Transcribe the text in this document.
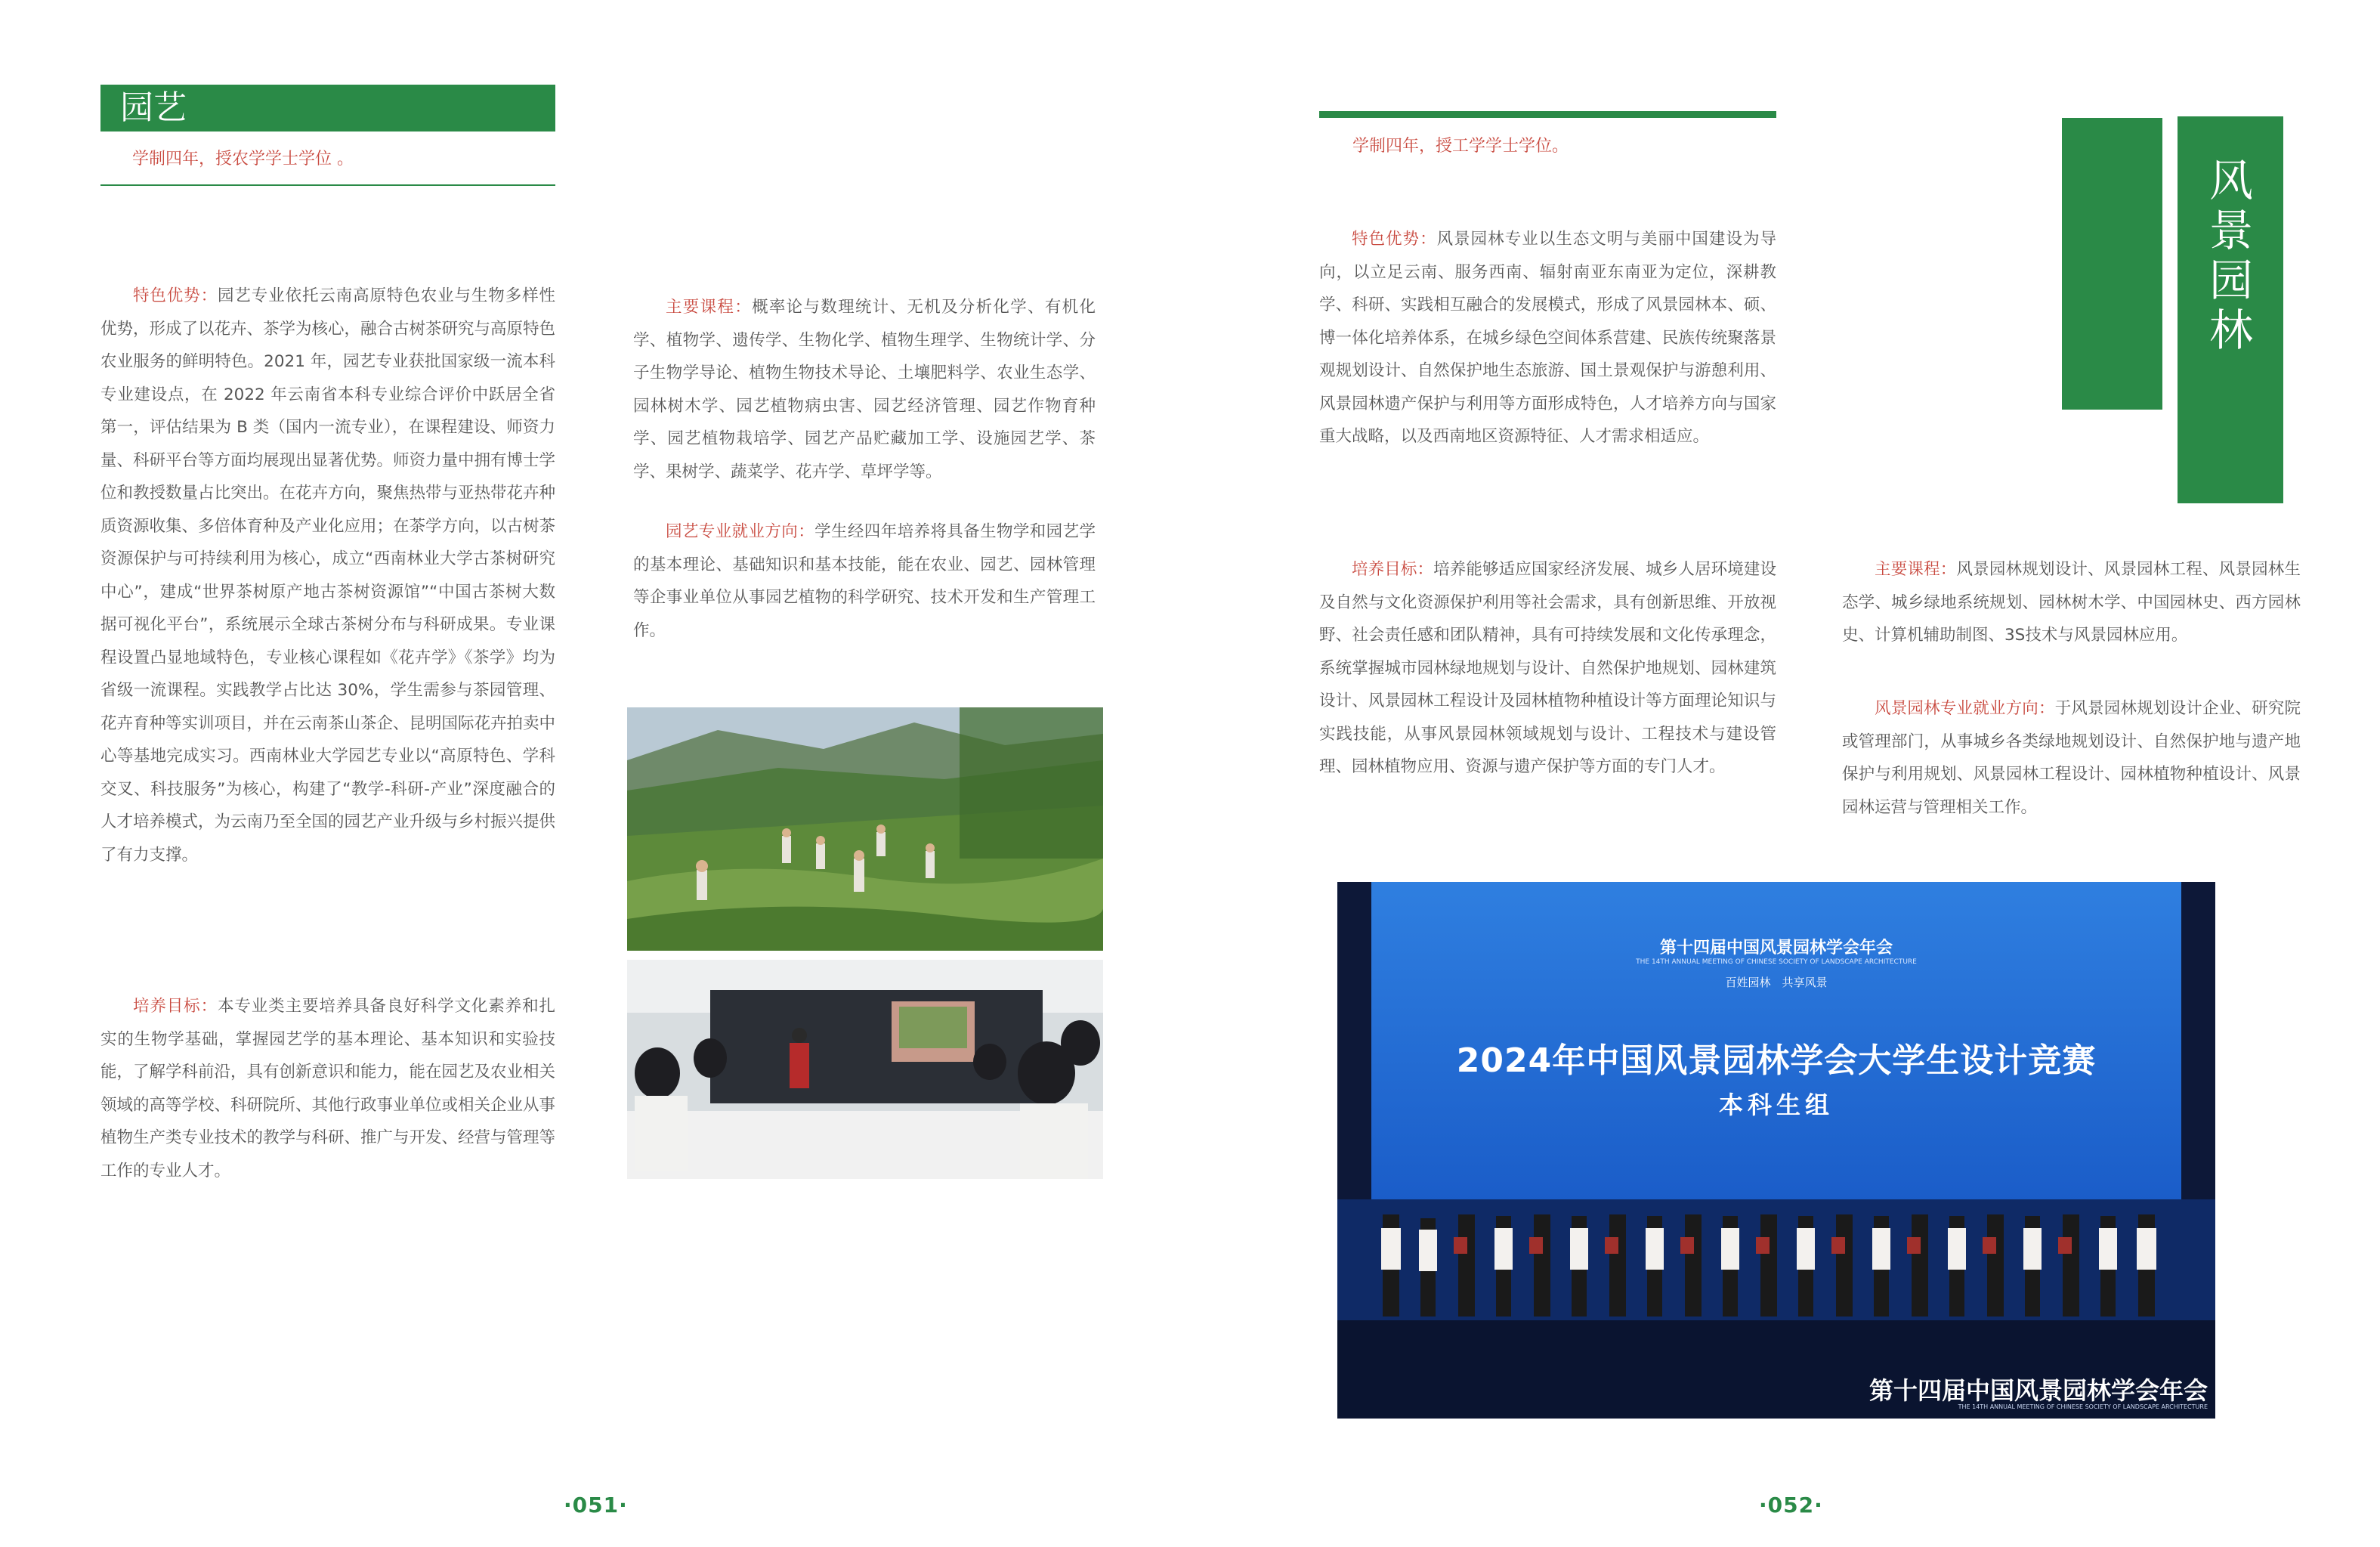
园艺
学制四年，授农学学士学位 。

特色优势：园艺专业依托云南高原特色农业与生物多样性优势，形成了以花卉、茶学为核心，融合古树茶研究与高原特色农业服务的鲜明特色。2021 年，园艺专业获批国家级一流本科专业建设点，在 2022 年云南省本科专业综合评价中跃居全省第一，评估结果为 B 类（国内一流专业），在课程建设、师资力量、科研平台等方面均展现出显著优势。师资力量中拥有博士学位和教授数量占比突出。在花卉方向，聚焦热带与亚热带花卉种质资源收集、多倍体育种及产业化应用；在茶学方向，以古树茶资源保护与可持续利用为核心，成立“西南林业大学古茶树研究中心”，建成“世界茶树原产地古茶树资源馆”“中国古茶树大数据可视化平台”，系统展示全球古茶树分布与科研成果。专业课程设置凸显地域特色，专业核心课程如《花卉学》《茶学》均为省级一流课程。实践教学占比达 30%，学生需参与茶园管理、花卉育种等实训项目，并在云南茶山茶企、昆明国际花卉拍卖中心等基地完成实习。西南林业大学园艺专业以“高原特色、学科交叉、科技服务”为核心，构建了“教学-科研-产业”深度融合的人才培养模式，为云南乃至全国的园艺产业升级与乡村振兴提供了有力支撑。

培养目标：本专业类主要培养具备良好科学文化素养和扎实的生物学基础，掌握园艺学的基本理论、基本知识和实验技能，了解学科前沿，具有创新意识和能力，能在园艺及农业相关领域的高等学校、科研院所、其他行政事业单位或相关企业从事植物生产类专业技术的教学与科研、推广与开发、经营与管理等工作的专业人才。

主要课程：概率论与数理统计、无机及分析化学、有机化学、植物学、遗传学、生物化学、植物生理学、生物统计学、分子生物学导论、植物生物技术导论、土壤肥料学、农业生态学、园林树木学、园艺植物病虫害、园艺经济管理、园艺作物育种学、园艺植物栽培学、园艺产品贮藏加工学、设施园艺学、茶学、果树学、蔬菜学、花卉学、草坪学等。

园艺专业就业方向：学生经四年培养将具备生物学和园艺学的基本理论、基础知识和基本技能，能在农业、园艺、园林管理等企事业单位从事园艺植物的科学研究、技术开发和生产管理工作。

·051·
学制四年，授工学学士学位。
风景园林

特色优势：风景园林专业以生态文明与美丽中国建设为导向，以立足云南、服务西南、辐射南亚东南亚为定位，深耕教学、科研、实践相互融合的发展模式，形成了风景园林本、硕、博一体化培养体系，在城乡绿色空间体系营建、民族传统聚落景观规划设计、自然保护地生态旅游、国土景观保护与游憩利用、风景园林遗产保护与利用等方面形成特色，人才培养方向与国家重大战略，以及西南地区资源特征、人才需求相适应。

培养目标：培养能够适应国家经济发展、城乡人居环境建设及自然与文化资源保护利用等社会需求，具有创新思维、开放视野、社会责任感和团队精神，具有可持续发展和文化传承理念，系统掌握城市园林绿地规划与设计、自然保护地规划、园林建筑设计、风景园林工程设计及园林植物种植设计等方面理论知识与实践技能，从事风景园林领域规划与设计、工程技术与建设管理、园林植物应用、资源与遗产保护等方面的专门人才。

主要课程：风景园林规划设计、风景园林工程、风景园林生态学、城乡绿地系统规划、园林树木学、中国园林史、西方园林史、计算机辅助制图、3S技术与风景园林应用。

风景园林专业就业方向：于风景园林规划设计企业、研究院或管理部门，从事城乡各类绿地规划设计、自然保护地与遗产地保护与利用规划、风景园林工程设计、园林植物种植设计、风景园林运营与管理相关工作。

第十四届中国风景园林学会年会
THE 14TH ANNUAL MEETING OF CHINESE SOCIETY OF LANDSCAPE ARCHITECTURE
百姓园林　共享风景
2024年中国风景园林学会大学生设计竞赛
本科生组
第十四届中国风景园林学会年会
THE 14TH ANNUAL MEETING OF CHINESE SOCIETY OF LANDSCAPE ARCHITECTURE
·052·
